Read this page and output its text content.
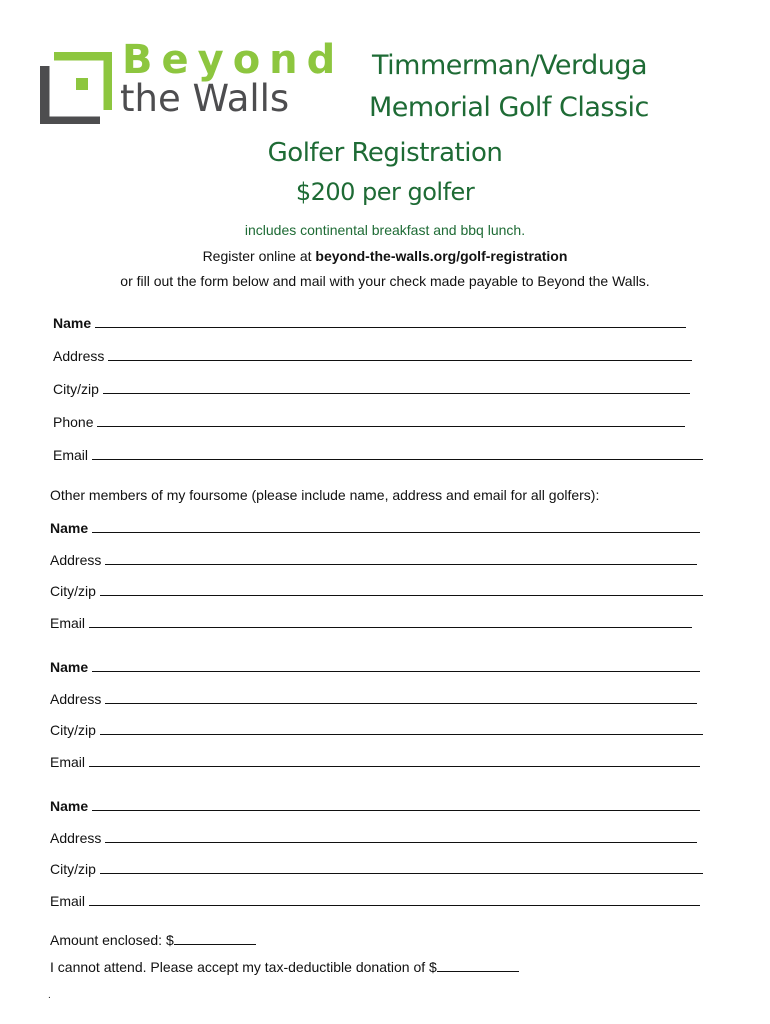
Beyond
the Walls
Timmerman/Verduga
Memorial Golf Classic
Golfer Registration
$200 per golfer
includes continental breakfast and bbq lunch.
Register online at beyond-the-walls.org/golf-registration
or fill out the form below and mail with your check made payable to Beyond the Walls.
Name
Address
City/zip
Phone
Email
Other members of my foursome (please include name, address and email for all golfers):
Name
Address
City/zip
Email
Name
Address
City/zip
Email
Name
Address
City/zip
Email
Amount enclosed: $
I cannot attend. Please accept my tax-deductible donation of $
.
